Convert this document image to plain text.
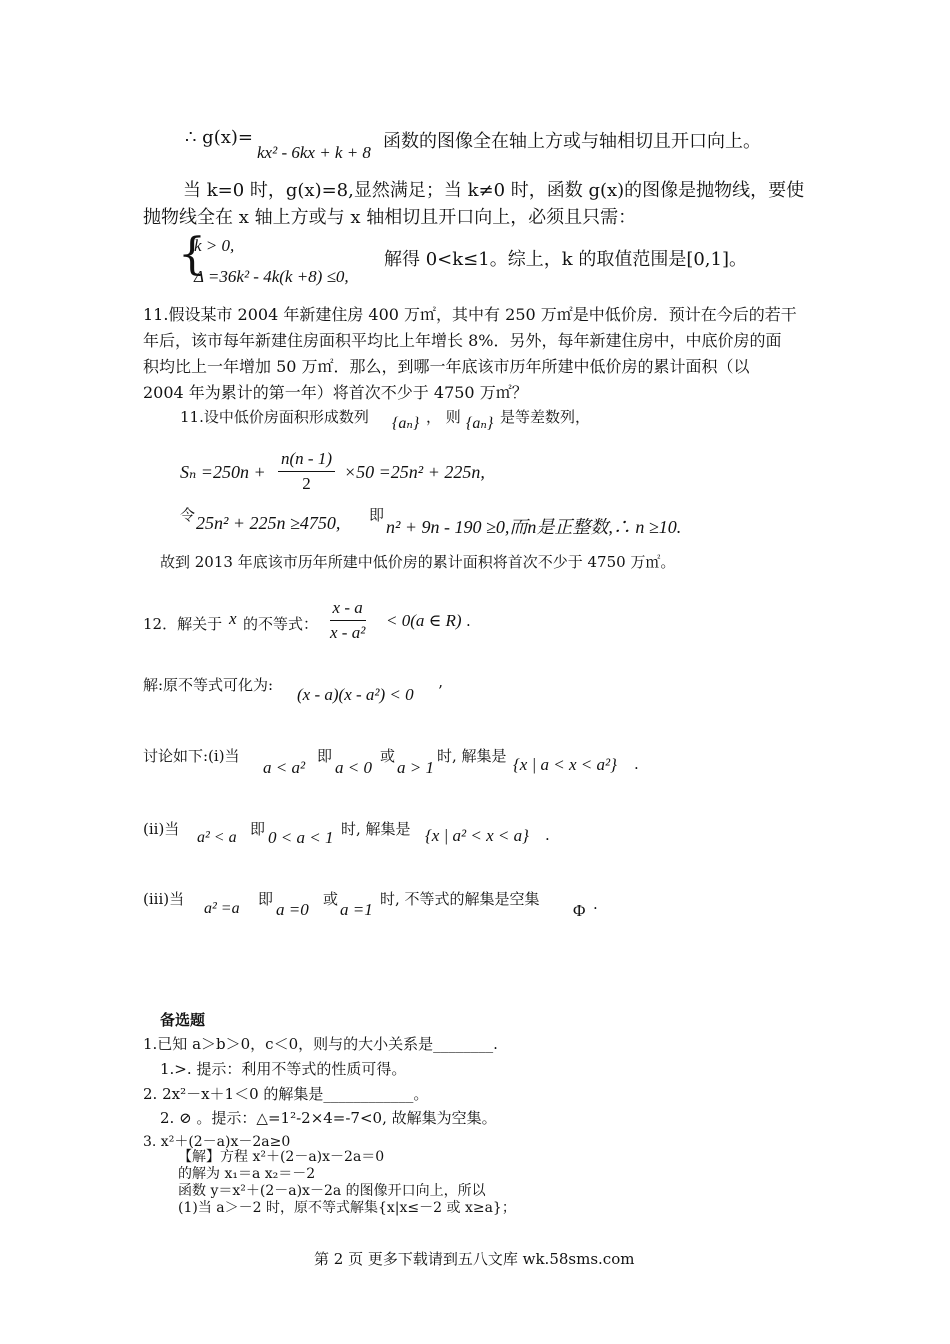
∴ g(x)=
kx² - 6kx + k + 8
函数的图像全在轴上方或与轴相切且开口向上。
当 k=0 时，g(x)=8,显然满足；当 k≠0 时，函数 g(x)的图像是抛物线，要使
抛物线全在 x 轴上方或与 x 轴相切且开口向上，必须且只需：
{
k > 0,
Δ =36k² - 4k(k +8) ≤0,
解得 0<k≤1。综上，k 的取值范围是[0,1]。
11.假设某市 2004 年新建住房 400 万㎡，其中有 250 万㎡是中低价房．预计在今后的若干
年后，该市每年新建住房面积平均比上年增长 8%．另外，每年新建住房中，中底价房的面
积均比上一年增加 50 万㎡．那么，到哪一年底该市历年所建中低价房的累计面积（以
2004 年为累计的第一年）将首次不少于 4750 万㎡？
11.设中低价房面积形成数列 {aₙ} ， 则 {aₙ} 是等差数列，
$S_n =250n + \frac{n(n - 1)}{2} \times 50 =25n^2 + 225n$,
令 25n² + 225n ≥4750, 即
n² + 9n - 190 ≥0,而n是正整数,∴ n ≥10.
故到 2013 年底该市历年所建中低价房的累计面积将首次不少于 4750 万㎡。
12．解关于 x 的不等式： $\frac{x - a}{\text{x - a²}} < 0(a$ ∈ R) .
解:原不等式可化为: (x - a)(x - a²) < 0 ’
讨论如下:(i)当
a < a²
即
a < 0
或
a > 1
时, 解集是 {x | a < x < a²} .
(ii)当 a² < a 即 0 < a < 1 时, 解集是 {x | a² < x < a} .
(iii)当
a² =a
即
a =0
或
a =1
时, 不等式的解集是空集
Φ .
备选题
1.已知 a＞b＞0，c＜0，则与的大小关系是________.
1.>. 提示：利用不等式的性质可得。
2. 2x²－x＋1＜0 的解集是____________。
2. ⊘ 。提示：△=1²-2×4=-7<0, 故解集为空集。
3. x²＋(2－a)x－2a≥0
【解】方程 x²＋(2－a)x－2a＝0
的解为 x₁＝a x₂＝－2
函数 y＝x²＋(2－a)x－2a 的图像开口向上，所以
(1)当 a＞－2 时，原不等式解集{x|x≤－2 或 x≥a}；
第 2 页 更多下载请到五八文库 wk.58sms.com
